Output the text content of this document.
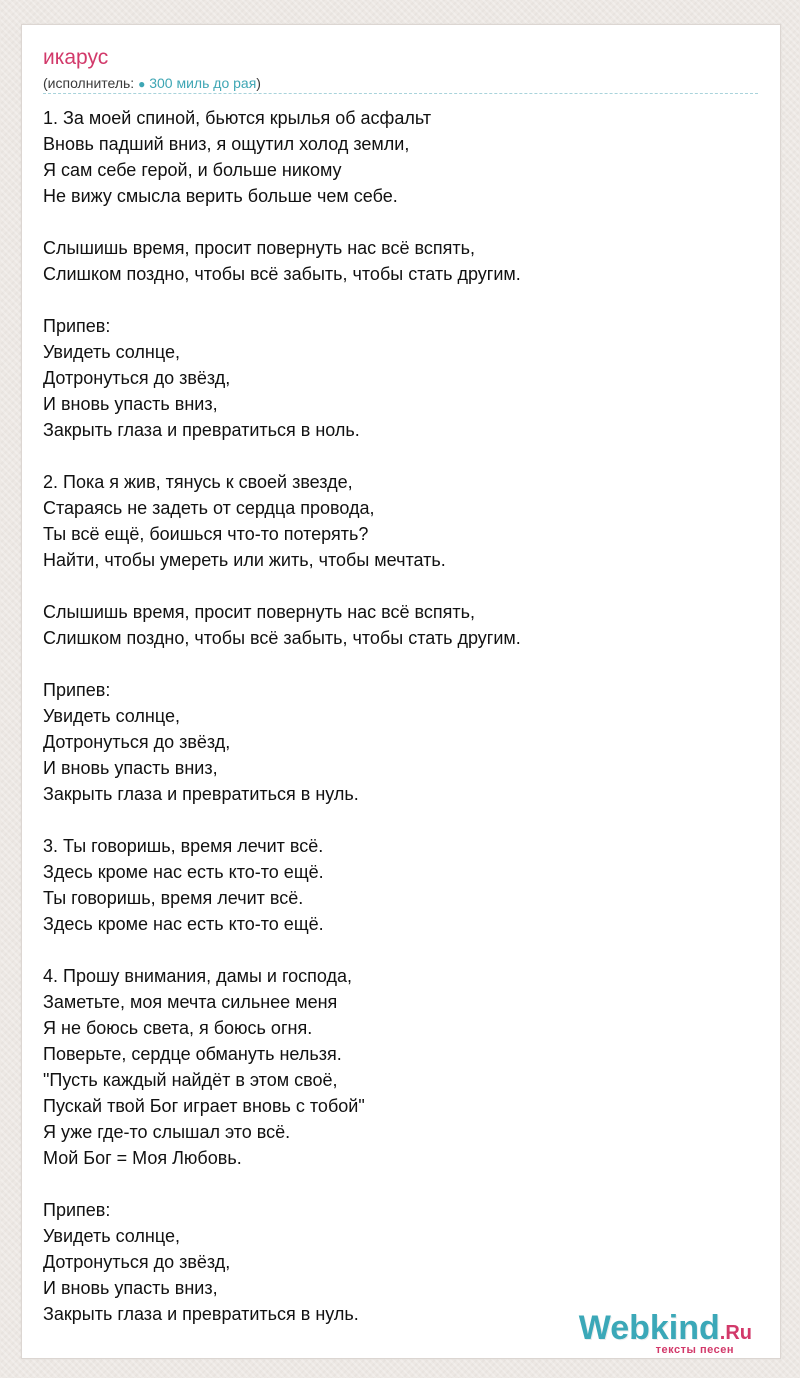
икарус
(исполнитель: ● 300 миль до рая)
1. За моей спиной, бьются крылья об асфальт
Вновь падший вниз, я ощутил холод земли,
Я сам себе герой, и больше никому
Не вижу смысла верить больше чем себе.
Слышишь время, просит повернуть нас всё вспять,
Слишком поздно, чтобы всё забыть, чтобы стать другим.
Припев:
Увидеть солнце,
Дотронуться до звёзд,
И вновь упасть вниз,
Закрыть глаза и превратиться в ноль.
2. Пока я жив, тянусь к своей звезде,
Стараясь не задеть от сердца провода,
Ты всё ещё, боишься что-то потерять?
Найти, чтобы умереть или жить, чтобы мечтать.
Слышишь время, просит повернуть нас всё вспять,
Слишком поздно, чтобы всё забыть, чтобы стать другим.
Припев:
Увидеть солнце,
Дотронуться до звёзд,
И вновь упасть вниз,
Закрыть глаза и превратиться в нуль.
3. Ты говоришь, время лечит всё.
Здесь кроме нас есть кто-то ещё.
Ты говоришь, время лечит всё.
Здесь кроме нас есть кто-то ещё.
4. Прошу внимания, дамы и господа,
Заметьте, моя мечта сильнее меня
Я не боюсь света, я боюсь огня.
Поверьте, сердце обмануть нельзя.
"Пусть каждый найдёт в этом своё,
Пускай твой Бог играет вновь с тобой"
Я уже где-то слышал это всё.
Мой Бог = Моя Любовь.
Припев:
Увидеть солнце,
Дотронуться до звёзд,
И вновь упасть вниз,
Закрыть глаза и превратиться в нуль.	Webkind.Ru
тексты песен
